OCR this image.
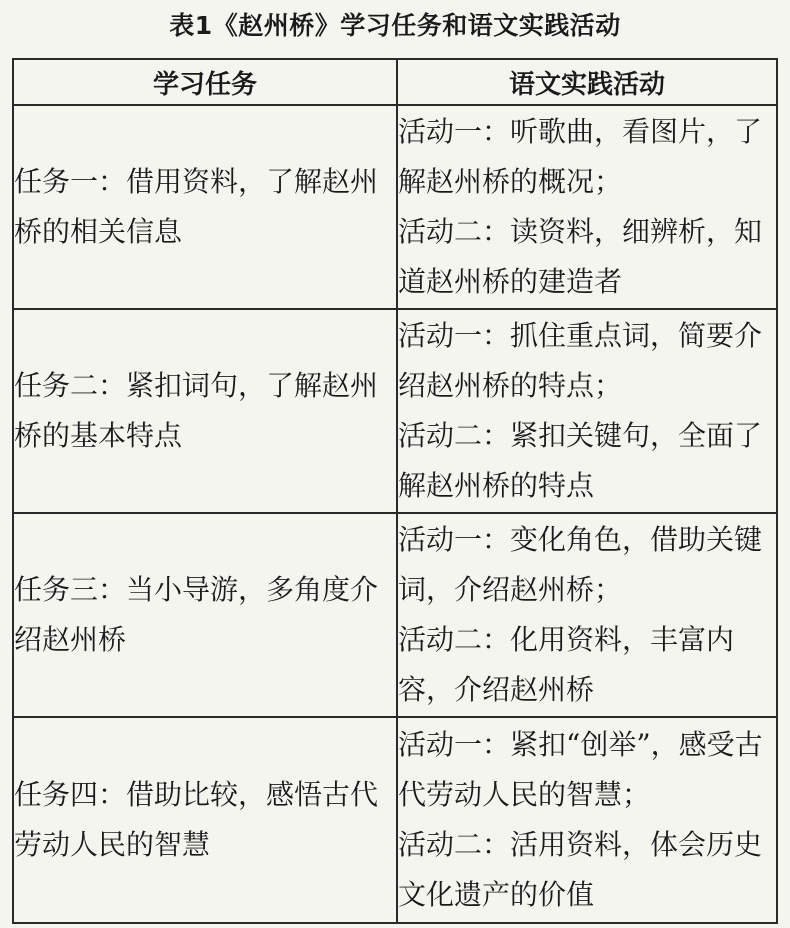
表1《赵州桥》学习任务和语文实践活动
学习任务	语文实践活动

任务一：借用资料，了解赵州桥的相关信息	活动一：听歌曲，看图片，了解赵州桥的概况；
活动二：读资料，细辨析，知道赵州桥的建造者

任务二：紧扣词句，了解赵州桥的基本特点	活动一：抓住重点词，简要介绍赵州桥的特点；
活动二：紧扣关键句，全面了解赵州桥的特点

任务三：当小导游，多角度介绍赵州桥	活动一：变化角色，借助关键词，介绍赵州桥；
活动二：化用资料，丰富内容，介绍赵州桥

任务四：借助比较，感悟古代劳动人民的智慧	活动一：紧扣“创举”，感受古代劳动人民的智慧；
活动二：活用资料，体会历史文化遗产的价值
